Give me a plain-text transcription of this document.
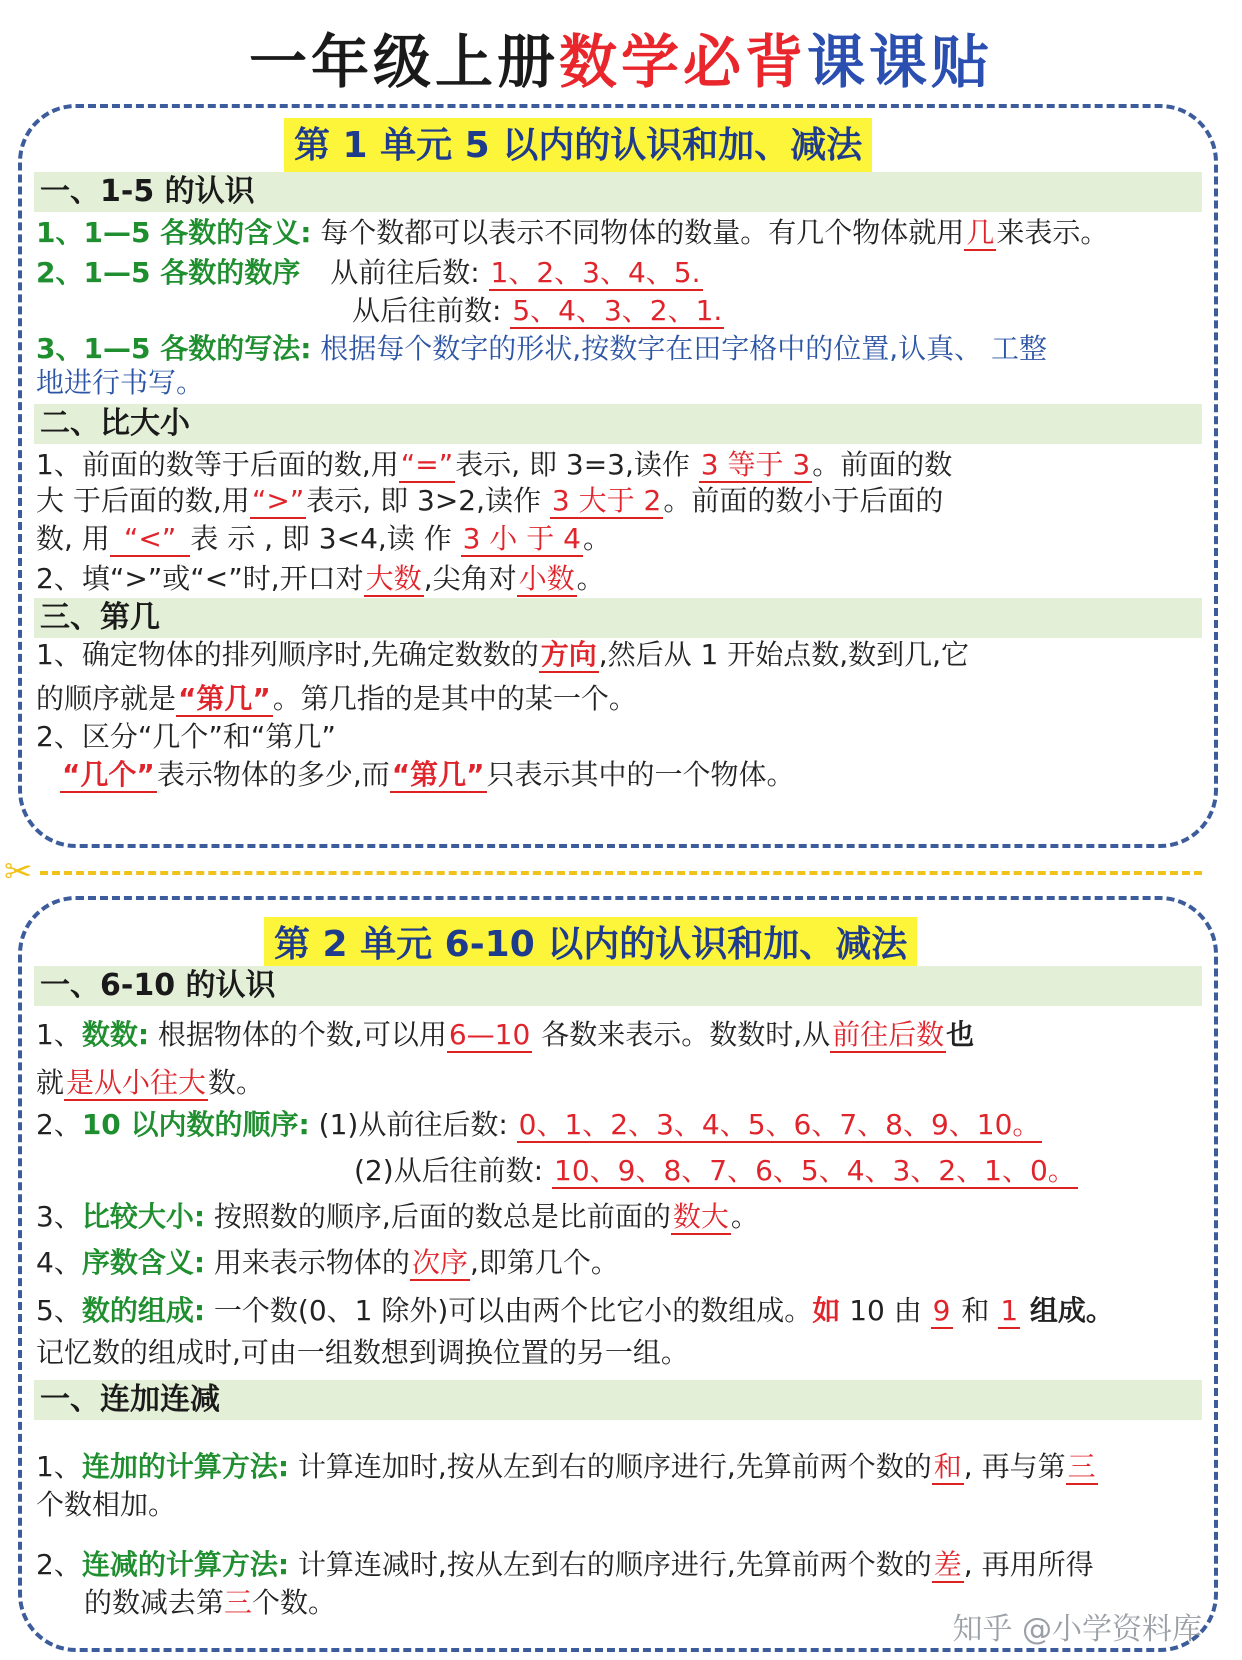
一年级上册数学必背课课贴
第 1 单元 5 以内的认识和加、减法
一、1-5 的认识
1、1—5 各数的含义: 每个数都可以表示不同物体的数量。有几个物体就用几来表示。
2、1—5 各数的数序 从前往后数: 1、2、3、4、5.
从后往前数: 5、4、3、2、1.
3、1—5 各数的写法: 根据每个数字的形状,按数字在田字格中的位置,认真、 工整
地进行书写。
二、比大小
1、前面的数等于后面的数,用“=”表示, 即 3=3,读作 3 等于 3。前面的数
大 于后面的数,用“>”表示, 即 3>2,读作 3 大于 2。前面的数小于后面的
数, 用 “<” 表 示 , 即 3<4,读 作 3 小 于 4。
2、填“>”或“<”时,开口对大数,尖角对小数。
三、第几
1、确定物体的排列顺序时,先确定数数的方向,然后从 1 开始点数,数到几,它
的顺序就是“第几”。第几指的是其中的某一个。
2、区分“几个”和“第几”
“几个”表示物体的多少,而“第几”只表示其中的一个物体。
✂
第 2 单元 6-10 以内的认识和加、减法
一、6-10 的认识
1、数数: 根据物体的个数,可以用6—10 各数来表示。数数时,从前往后数也
就是从小往大数。
2、10 以内数的顺序: (1)从前往后数: 0、1、2、3、4、5、6、7、8、9、10。
(2)从后往前数: 10、9、8、7、6、5、4、3、2、1、0。
3、比较大小: 按照数的顺序,后面的数总是比前面的数大。
4、序数含义: 用来表示物体的次序,即第几个。
5、数的组成: 一个数(0、1 除外)可以由两个比它小的数组成。如 10 由 9 和 1 组成。
记忆数的组成时,可由一组数想到调换位置的另一组。
一、连加连减
1、连加的计算方法: 计算连加时,按从左到右的顺序进行,先算前两个数的和, 再与第三
个数相加。
2、连减的计算方法: 计算连减时,按从左到右的顺序进行,先算前两个数的差, 再用所得
的数减去第三个数。
知乎 @小学资料库
